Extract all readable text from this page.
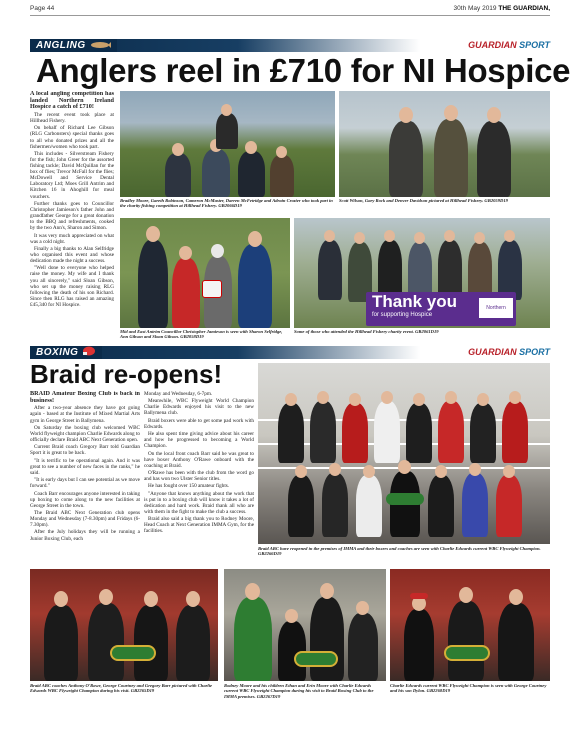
Page 44	30th May 2019 THE GUARDIAN,
ANGLING	GUARDIAN SPORT
Anglers reel in £710 for NI Hospice

A local angling competition has landed Northern Ireland Hospice a catch of £710!

The recent event took place at Hillhead Fishery.

On behalf of Richard Lee Gibson (RLG Carbonsters) special thanks goes to all who donated prizes and all the fishermen/women who took part.

This includes - Silverstream Fishery for the fish; John Greer for the assorted fishing tackle; David McQuillan for the box of flies; Trevor McFall for the flies; McDowell and Service Dental Laboratory Ltd; Moes Grill Antrim and Kitchen 16 in Ahoghill for meal vouchers.

Further thanks goes to Councillor Christopher Jamieson's father John and grandfather George for a great donation to the BBQ and refreshments, cooked by the two Ann's, Sharon and Simon.

It was very much appreciated on what was a cold night.

Finally a big thanks to Alan Selfridge who organised this event and whose dedication made the night a success.

"Well done to everyone who helped raise the money. My wife and I thank you all sincerely," said Sloan Gibson, who set up the money raising RLG following the death of his son Richard. Since then RLG has raised an amazing £45,340 for NI Hospice.

Bradley Moore, Gareth Robinson, Cameron McMaster, Darren McFetridge and Adrain Crozier who took part in the charity fishing competition at Hillhead Fishery. GB2066D19
Scott Wilson, Gary Rock and Denver Davidson pictured at Hillhead Fishery. GB2059D19
Mid and East Antrim Councillor Christopher Jamieson is seen with Sharon Selfridge, Ann Gibson and Sloan Gibson. GB2058D19
Thank you
for supporting Hospice
Northern
Some of those who attended the Hillhead Fishery charity event. GB2061D19
BOXING	GUARDIAN SPORT
Braid re-opens!

BRAID Amateur Boxing Club is back in business!

After a two-year absence they have got going again - based at the Institute of Mixed Martial Arts gym in George Street in Ballymena.

On Saturday the boxing club welcomed WBC World flyweight champion Charlie Edwards along to officially declare Braid ABC Next Generation open.

Current Braid coach Gregory Barr told Guardian Sport it is great to be back.

"It is terrific to be operational again. And it was great to see a number of new faces in the ranks," he said.

"It is early days but I can see potential as we move forward."

Coach Barr encourages anyone interested in taking up boxing to come along to the new facilities at George Street in the town.

The Braid ABC Next Generation club opens Monday and Wednesday (7-8.30pm) and Fridays (6-7.30pm).

After the July holidays they will be running a Junior Boxing Club, each

Monday and Wednesday, 6-7pm.

Meanwhile, WBC Flyweight World Champion Charlie Edwards enjoyed his visit to the new Ballymena club.

Braid boxers were able to get some pad work with Edwards.

He also spent time giving advice about his career and how he progressed to becoming a World Champion.

On the local front coach Barr said he was great to have boxer Anthony O'Rawe onboard with the coaching at Braid.

O'Rawe has been with the club from the word go and has won two Ulster Senior titles.

He has fought over 150 amateur fights.

"Anyone that knows anything about the work that is put in to a boxing club will know it takes a lot of dedication and hard work. Braid thank all who are with them in the fight to make the club a success.

Braid also said a big thank you to Rodney Moore, Head Coach at Next Generation IMMA Gym, for the facilities.

Braid ABC have reopened in the premises of IMMA and their boxers and coaches are seen with Charlie Edwards current WBC Flyweight Champion. GB2266D19
Braid ABC coaches Anthony O'Rawe, George Courtney and Gregory Barr pictured with Charlie Edwards WBC Flyweight Champion during his visit. GB2265D19
Rodney Moore and his children Ethan and Erin Moore with Charlie Edwards current WBC Flyweight Champion during his visit to Braid Boxing Club to the IMMA premises. GB2267D19
Charlie Edwards current WBC Flyweight Champion is seen with George Courtney and his son Dylon. GB2268D19
